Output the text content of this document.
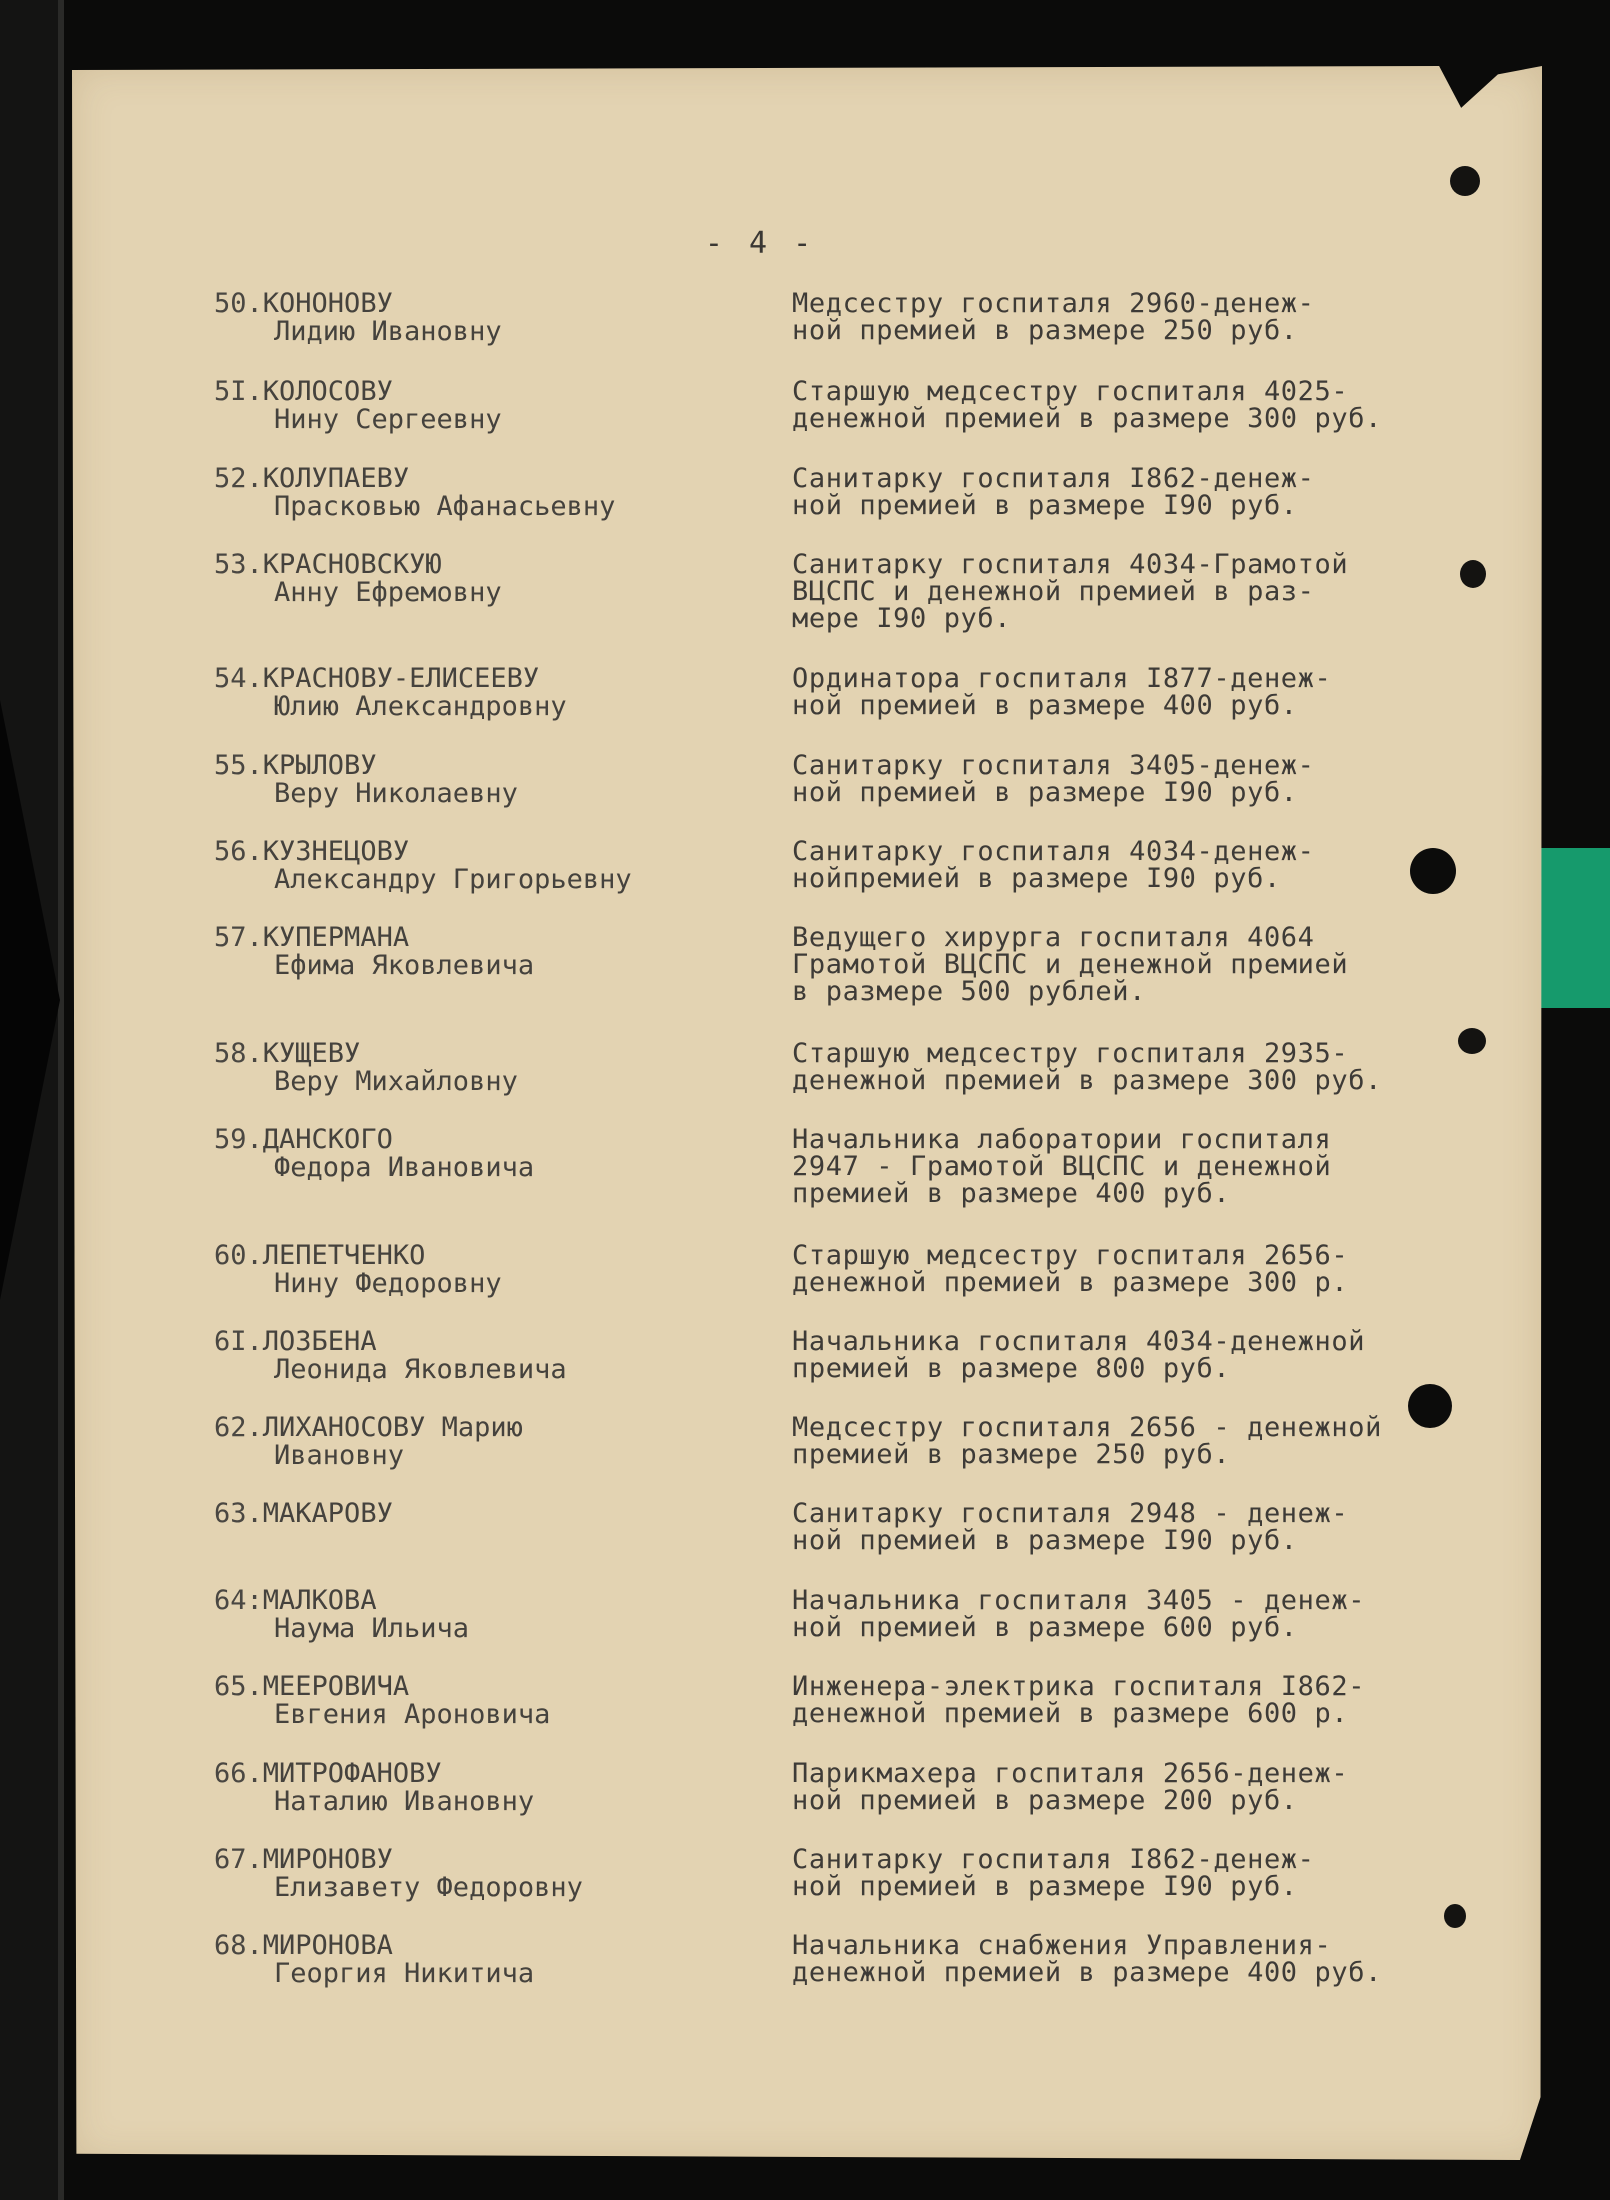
- 4 -
50.КОНОНОВУ
Лидию Ивановну
Медсестру госпиталя 2960-денеж-
ной премией в размере 250 руб.
5I.КОЛОСОВУ
Нину Сергеевну
Старшую медсестру госпиталя 4025-
денежной премией в размере 300 руб.
52.КОЛУПАЕВУ
Прасковью Афанасьевну
Санитарку госпиталя I862-денеж-
ной премией в размере I90 руб.
53.КРАСНОВСКУЮ
Анну Ефремовну
Санитарку госпиталя 4034-Грамотой
ВЦСПС и денежной премией в раз-
мере I90 руб.
54.КРАСНОВУ-ЕЛИСЕЕВУ
Юлию Александровну
Ординатора госпиталя I877-денеж-
ной премией в размере 400 руб.
55.КРЫЛОВУ
Веру Николаевну
Санитарку госпиталя 3405-денеж-
ной премией в размере I90 руб.
56.КУЗНЕЦОВУ
Александру Григорьевну
Санитарку госпиталя 4034-денеж-
нойпремией в размере I90 руб.
57.КУПЕРМАНА
Ефима Яковлевича
Ведущего хирурга госпиталя 4064
Грамотой ВЦСПС и денежной премией
в размере 500 рублей.
58.КУЩЕВУ
Веру Михайловну
Старшую медсестру госпиталя 2935-
денежной премией в размере 300 руб.
59.ДАНСКОГО
Федора Ивановича
Начальника лаборатории госпиталя
2947 - Грамотой ВЦСПС и денежной
премией в размере 400 руб.
60.ЛЕПЕТЧЕНКО
Нину Федоровну
Старшую медсестру госпиталя 2656-
денежной премией в размере 300 р.
6I.ЛОЗБЕНА
Леонида Яковлевича
Начальника госпиталя 4034-денежной
премией в размере 800 руб.
62.ЛИХАНОСОВУ Марию
Ивановну
Медсестру госпиталя 2656 - денежной
премией в размере 250 руб.
63.МАКАРОВУ	Санитарку госпиталя 2948 - денеж-
ной премией в размере I90 руб.
64:МАЛКОВА
Наума Ильича
Начальника госпиталя 3405 - денеж-
ной премией в размере 600 руб.
65.МЕЕРОВИЧА
Евгения Ароновича
Инженера-электрика госпиталя I862-
денежной премией в размере 600 р.
66.МИТРОФАНОВУ
Наталию Ивановну
Парикмахера госпиталя 2656-денеж-
ной премией в размере 200 руб.
67.МИРОНОВУ
Елизавету Федоровну
Санитарку госпиталя I862-денеж-
ной премией в размере I90 руб.
68.МИРОНОВА
Георгия Никитича
Начальника снабжения Управления-
денежной премией в размере 400 руб.
